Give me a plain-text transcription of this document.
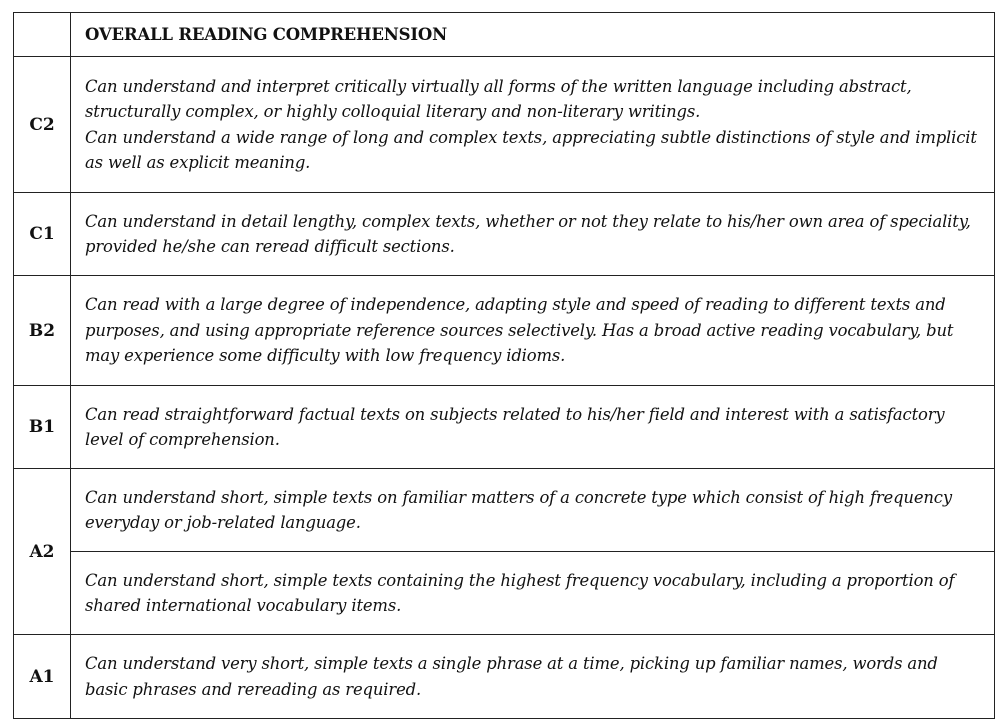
	OVERALL READING COMPREHENSION
C2	Can understand and interpret critically virtually all forms of the written language including abstract, structurally complex, or highly colloquial literary and non-literary writings.

Can understand a wide range of long and complex texts, appreciating subtle distinctions of style and implicit as well as explicit meaning.

C1	Can understand in detail lengthy, complex texts, whether or not they relate to his/her own area of speciality, provided he/she can reread difficult sections.

B2	Can read with a large degree of independence, adapting style and speed of reading to different texts and purposes, and using appropriate reference sources selectively. Has a broad active reading vocabulary, but may experience some difficulty with low frequency idioms.

B1	Can read straightforward factual texts on subjects related to his/her field and interest with a satisfactory level of comprehension.

A2	Can understand short, simple texts on familiar matters of a concrete type which consist of high frequency everyday or job-related language.

	Can understand short, simple texts containing the highest frequency vocabulary, including a proportion of shared international vocabulary items.

A1	Can understand very short, simple texts a single phrase at a time, picking up familiar names, words and basic phrases and rereading as required.
